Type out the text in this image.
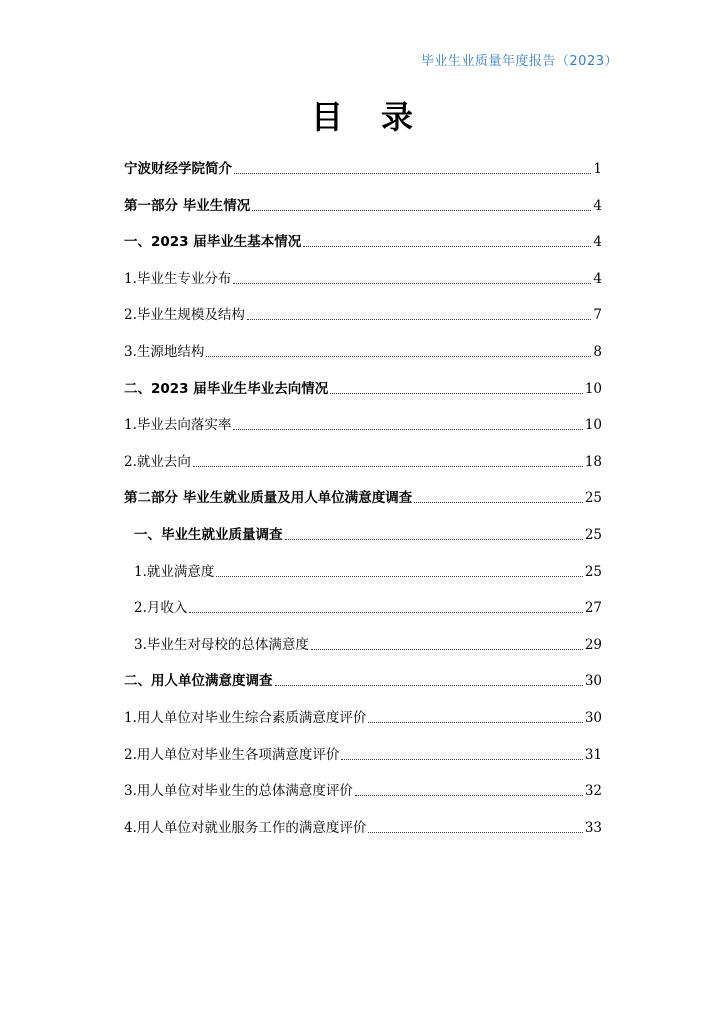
毕业生业质量年度报告（2023）
目录
宁波财经学院简介	1
第一部分 毕业生情况	4
一、2023 届毕业生基本情况	4
1.毕业生专业分布	4
2.毕业生规模及结构	7
3.生源地结构	8
二、2023 届毕业生毕业去向情况	10
1.毕业去向落实率	10
2.就业去向	18
第二部分 毕业生就业质量及用人单位满意度调查	25
一、毕业生就业质量调查	25
1.就业满意度	25
2.月收入	27
3.毕业生对母校的总体满意度	29
二、用人单位满意度调查	30
1.用人单位对毕业生综合素质满意度评价	30
2.用人单位对毕业生各项满意度评价	31
3.用人单位对毕业生的总体满意度评价	32
4.用人单位对就业服务工作的满意度评价	33
